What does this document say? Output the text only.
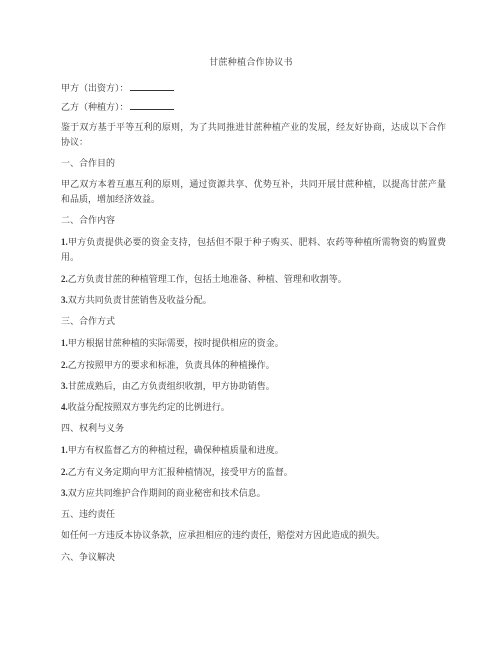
甘蔗种植合作协议书
甲方（出资方）：
乙方（种植方）：
鉴于双方基于平等互利的原则，为了共同推进甘蔗种植产业的发展，经友好协商，达成以下合作协议：
一、合作目的
甲乙双方本着互惠互利的原则，通过资源共享、优势互补，共同开展甘蔗种植，以提高甘蔗产量和品质，增加经济效益。
二、合作内容
1.甲方负责提供必要的资金支持，包括但不限于种子购买、肥料、农药等种植所需物资的购置费用。
2.乙方负责甘蔗的种植管理工作，包括土地准备、种植、管理和收割等。
3.双方共同负责甘蔗销售及收益分配。
三、合作方式
1.甲方根据甘蔗种植的实际需要，按时提供相应的资金。
2.乙方按照甲方的要求和标准，负责具体的种植操作。
3.甘蔗成熟后，由乙方负责组织收割，甲方协助销售。
4.收益分配按照双方事先约定的比例进行。
四、权利与义务
1.甲方有权监督乙方的种植过程，确保种植质量和进度。
2.乙方有义务定期向甲方汇报种植情况，接受甲方的监督。
3.双方应共同维护合作期间的商业秘密和技术信息。
五、违约责任
如任何一方违反本协议条款，应承担相应的违约责任，赔偿对方因此造成的损失。
六、争议解决
